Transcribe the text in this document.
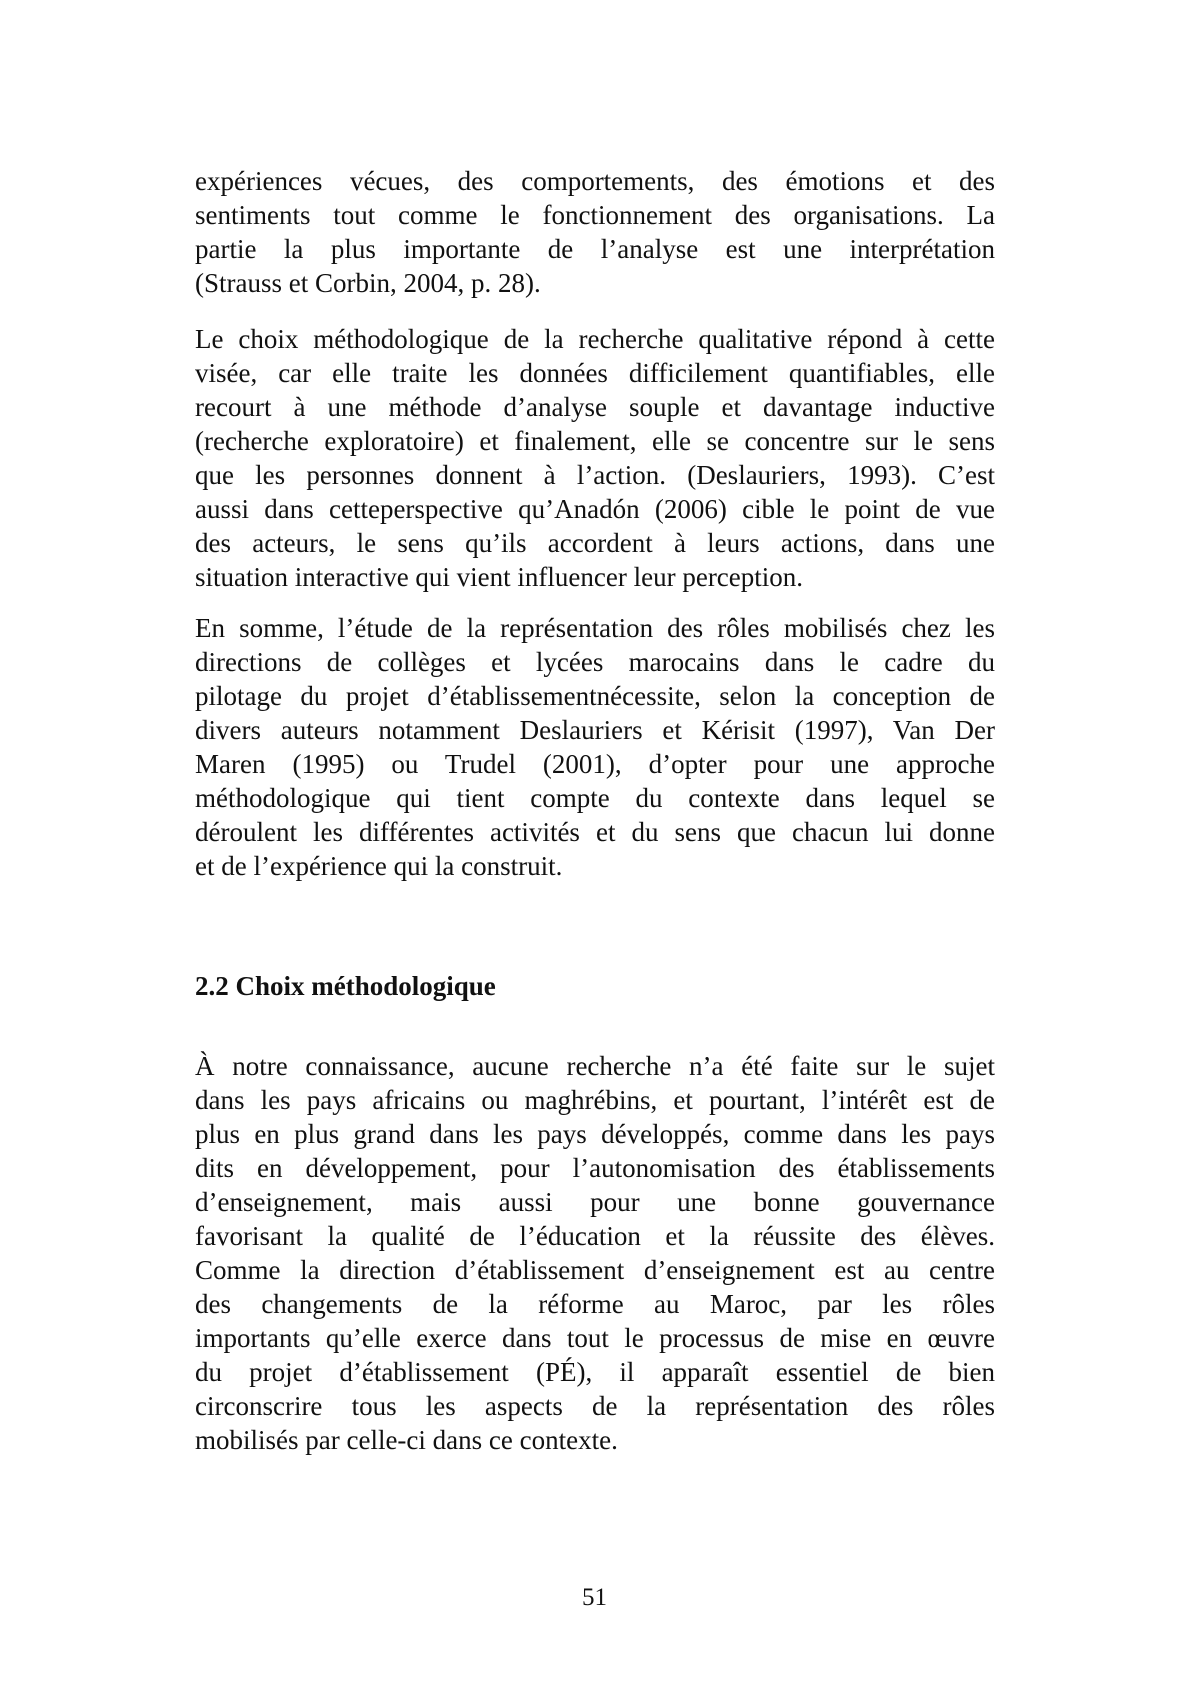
expériences vécues, des comportements, des émotions et des
sentiments tout comme le fonctionnement des organisations. La
partie la plus importante de l’analyse est une interprétation
(Strauss et Corbin, 2004, p. 28).
Le choix méthodologique de la recherche qualitative répond à cette
visée, car elle traite les données difficilement quantifiables, elle
recourt à une méthode d’analyse souple et davantage inductive
(recherche exploratoire) et finalement, elle se concentre sur le sens
que les personnes donnent à l’action. (Deslauriers, 1993). C’est
aussi dans cetteperspective qu’Anadón (2006) cible le point de vue
des acteurs, le sens qu’ils accordent à leurs actions, dans une
situation interactive qui vient influencer leur perception.
En somme, l’étude de la représentation des rôles mobilisés chez les
directions de collèges et lycées marocains dans le cadre du
pilotage du projet d’établissementnécessite, selon la conception de
divers auteurs notamment Deslauriers et Kérisit (1997), Van Der
Maren (1995) ou Trudel (2001), d’opter pour une approche
méthodologique qui tient compte du contexte dans lequel se
déroulent les différentes activités et du sens que chacun lui donne
et de l’expérience qui la construit.
2.2 Choix méthodologique
À notre connaissance, aucune recherche n’a été faite sur le sujet
dans les pays africains ou maghrébins, et pourtant, l’intérêt est de
plus en plus grand dans les pays développés, comme dans les pays
dits en développement, pour l’autonomisation des établissements
d’enseignement, mais aussi pour une bonne gouvernance
favorisant la qualité de l’éducation et la réussite des élèves.
Comme la direction d’établissement d’enseignement est au centre
des changements de la réforme au Maroc, par les rôles
importants qu’elle exerce dans tout le processus de mise en œuvre
du projet d’établissement (PÉ), il apparaît essentiel de bien
circonscrire tous les aspects de la représentation des rôles
mobilisés par celle-ci dans ce contexte.
51
